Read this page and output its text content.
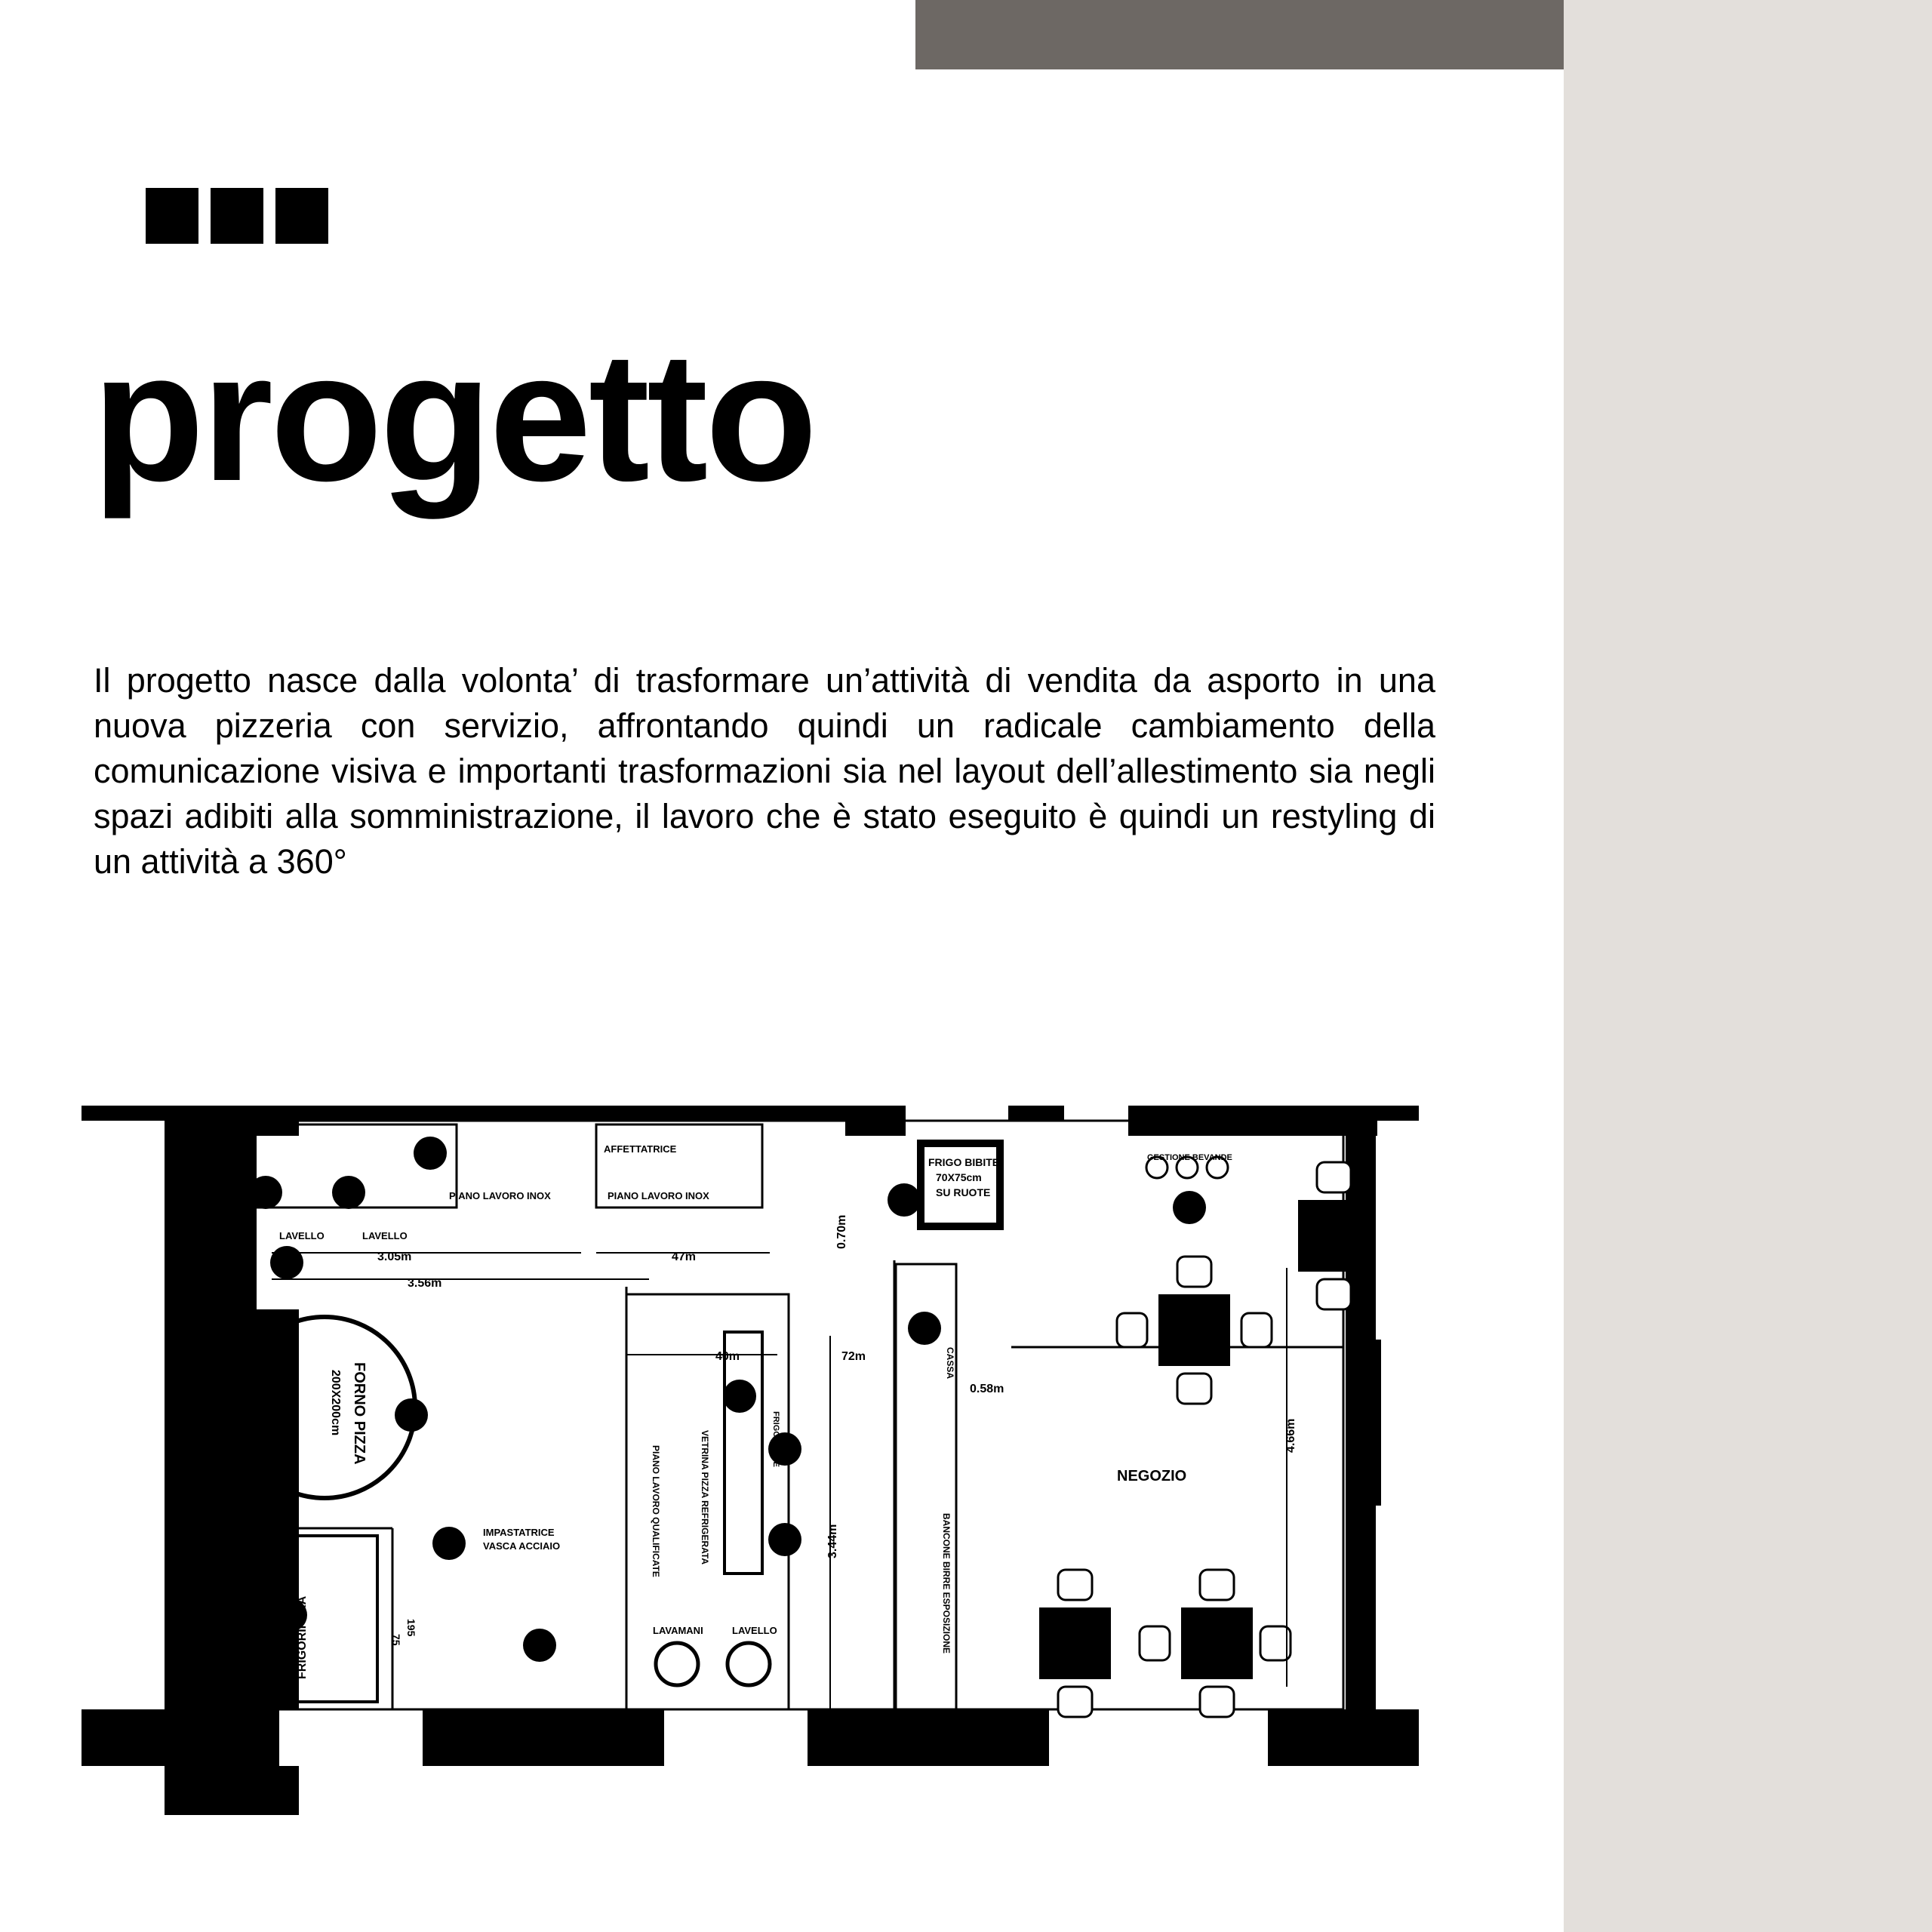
progetto

Il progetto nasce dalla volonta’ di trasformare un’attività di vendita da asporto in una nuova pizzeria con servizio, affrontando quindi un radicale cambiamento della comunicazione visiva e importanti trasformazioni sia nel layout dell’allestimento sia negli spazi adibiti alla somministrazione, il lavoro che è stato eseguito è quindi un restyling di un attività a 360°

PIANO LAVORO INOX	PIANO LAVORO INOX
AFFETTATRICE
LAVELLO	LAVELLO
IMPASTATRICE
VASCA ACCIAIO
LAVAMANI	LAVELLO
FRIGO BIBITE
70X75cm
SU RUOTE
NEGOZIO
GESTIONE BEVANDE
FORNO PIZZA
200X200cm
CELLA FRIGORIFERA
PIANO LAVORO QUALIFICATE	VETRINA PIZZA REFRIGERATA
BANCONE BIRRE ESPOSIZIONE
FRIGO BIBITE
CASSA
3.05m
3.56m
47m
0.70m
40m	72m
3.44m
0.58m
4.66m
75
195
